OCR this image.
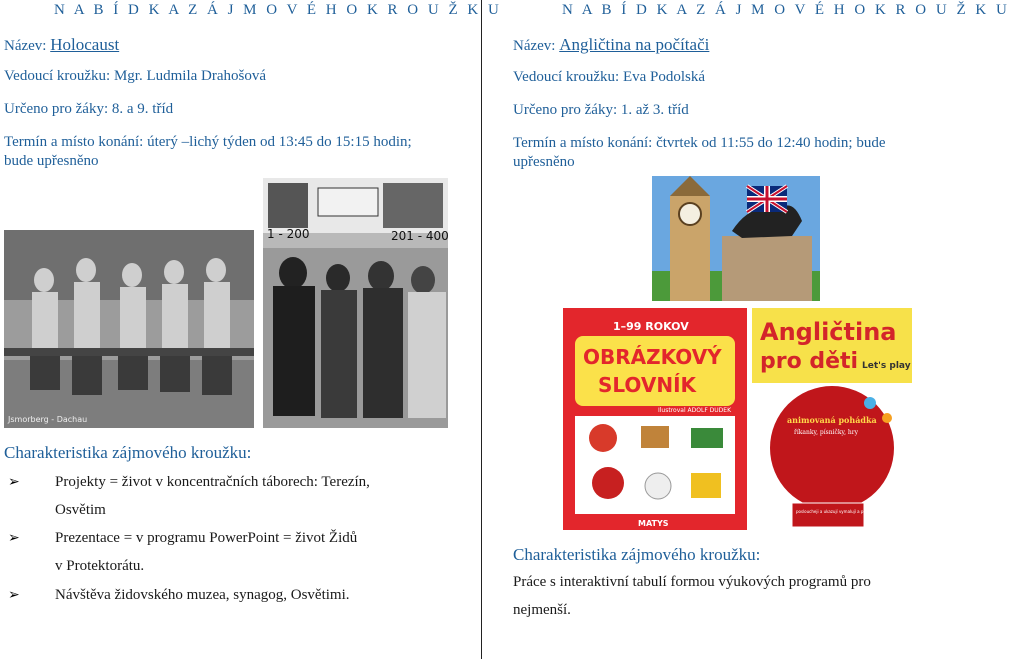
N A B Í D K A Z Á J M O V É H O K R O U Ž K U
Název: Holocaust
Vedoucí kroužku: Mgr. Ludmila Drahošová
Určeno pro žáky: 8. a 9. tříd
Termín a místo konání: úterý –lichý týden od 13:45 do 15:15 hodin;
bude upřesněno
1 - 200	201 - 400
Jsmorberg - Dachau
Charakteristika zájmového kroužku:
➢ Projekty = život v koncentračních táborech: Terezín,
Osvětim
➢ Prezentace = v programu PowerPoint = život Židů
v Protektorátu.
➢ Návštěva židovského muzea, synagog, Osvětimi.
N A B Í D K A Z Á J M O V É H O K R O U Ž K U
Název: Angličtina na počítači
Vedoucí kroužku: Eva Podolská
Určeno pro žáky: 1. až 3. tříd
Termín a místo konání: čtvrtek od 11:55 do 12:40 hodin; bude
upřesněno
1–99 ROKOV
OBRÁZKOVÝ
SLOVNÍK
Ilustroval ADOLF DUDEK
MATYS
Angličtina
pro děti Let's play
animovaná pohádka
říkanky, písničky, hry
posloucheji a ukazují vymalují a pojmenují zazpívají i zatančí
Charakteristika zájmového kroužku:
Práce s interaktivní tabulí formou výukových programů pro
nejmenší.
